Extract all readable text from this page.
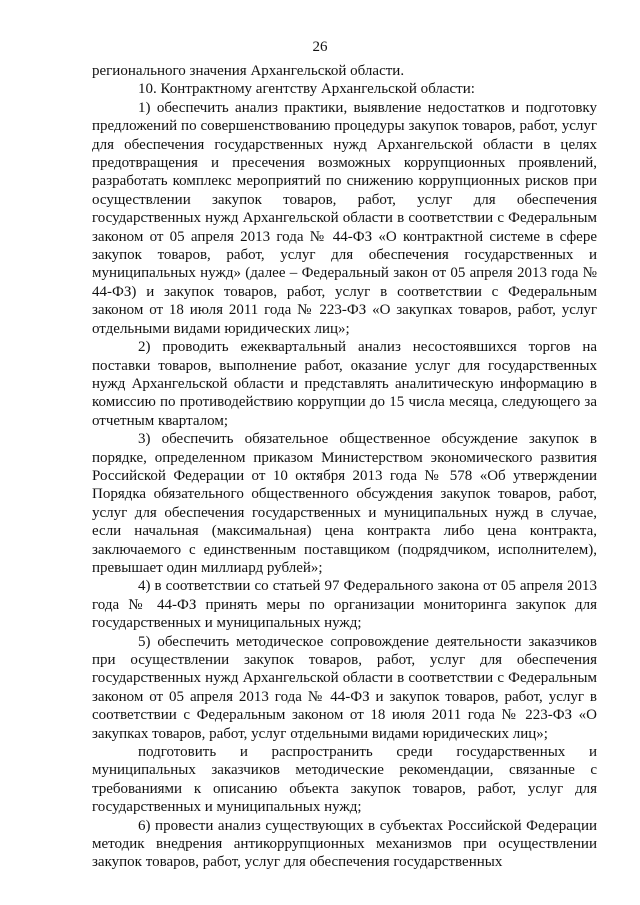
26

регионального значения Архангельской области.

10. Контрактному агентству Архангельской области:

1) обеспечить анализ практики, выявление недостатков и подготовку предложений по совершенствованию процедуры закупок товаров, работ, услуг для обеспечения государственных нужд Архангельской области в целях предотвращения и пресечения возможных коррупционных проявлений, разработать комплекс мероприятий по снижению коррупционных рисков при осуществлении закупок товаров, работ, услуг для обеспечения государственных нужд Архангельской области в соответствии с Федеральным законом от 05 апреля 2013 года № 44-ФЗ «О контрактной системе в сфере закупок товаров, работ, услуг для обеспечения государственных и муниципальных нужд» (далее – Федеральный закон от 05 апреля 2013 года № 44-ФЗ) и закупок товаров, работ, услуг в соответствии с Федеральным законом от 18 июля 2011 года № 223-ФЗ «О закупках товаров, работ, услуг отдельными видами юридических лиц»;

2) проводить ежеквартальный анализ несостоявшихся торгов на поставки товаров, выполнение работ, оказание услуг для государственных нужд Архангельской области и представлять аналитическую информацию в комиссию по противодействию коррупции до 15 числа месяца, следующего за отчетным кварталом;

3) обеспечить обязательное общественное обсуждение закупок в порядке, определенном приказом Министерством экономического развития Российской Федерации от 10 октября 2013 года № 578 «Об утверждении Порядка обязательного общественного обсуждения закупок товаров, работ, услуг для обеспечения государственных и муниципальных нужд в случае, если начальная (максимальная) цена контракта либо цена контракта, заключаемого с единственным поставщиком (подрядчиком, исполнителем), превышает один миллиард рублей»;

4) в соответствии со статьей 97 Федерального закона от 05 апреля 2013 года № 44-ФЗ принять меры по организации мониторинга закупок для государственных и муниципальных нужд;

5) обеспечить методическое сопровождение деятельности заказчиков при осуществлении закупок товаров, работ, услуг для обеспечения государственных нужд Архангельской области в соответствии с Федеральным законом от 05 апреля 2013 года № 44-ФЗ и закупок товаров, работ, услуг в соответствии с Федеральным законом от 18 июля 2011 года № 223-ФЗ «О закупках товаров, работ, услуг отдельными видами юридических лиц»;

подготовить и распространить среди государственных и муниципальных заказчиков методические рекомендации, связанные с требованиями к описанию объекта закупок товаров, работ, услуг для государственных и муниципальных нужд;

6) провести анализ существующих в субъектах Российской Федерации методик внедрения антикоррупционных механизмов при осуществлении закупок товаров, работ, услуг для обеспечения государственных
